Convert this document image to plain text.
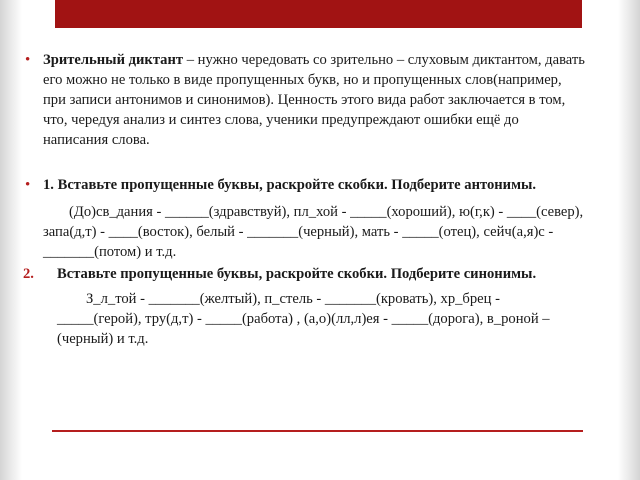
• Зрительный диктант – нужно чередовать со зрительно – слуховым диктантом, давать его можно не только в виде пропущенных букв, но и пропущенных слов(например, при записи антонимов и синонимов). Ценность этого вида работ заключается в том, что, чередуя анализ и синтез слова, ученики предупреждают ошибки ещё до написания слова.
• 1. Вставьте пропущенные буквы, раскройте скобки. Подберите антонимы.
(До)св_дания - ______(здравствуй), пл_хой - _____(хороший), ю(г,к) - ____(север), запа(д,т) - ____(восток), белый - _______(черный), мать - _____(отец), сейч(а,я)с - _______(потом) и т.д.
2. Вставьте пропущенные буквы, раскройте скобки. Подберите синонимы.
З_л_той - _______(желтый), п_стель - _______(кровать), хр_брец - _____(герой), тру(д,т) - _____(работа) , (а,о)(лл,л)ея - _____(дорога), в_роной – (черный) и т.д.
